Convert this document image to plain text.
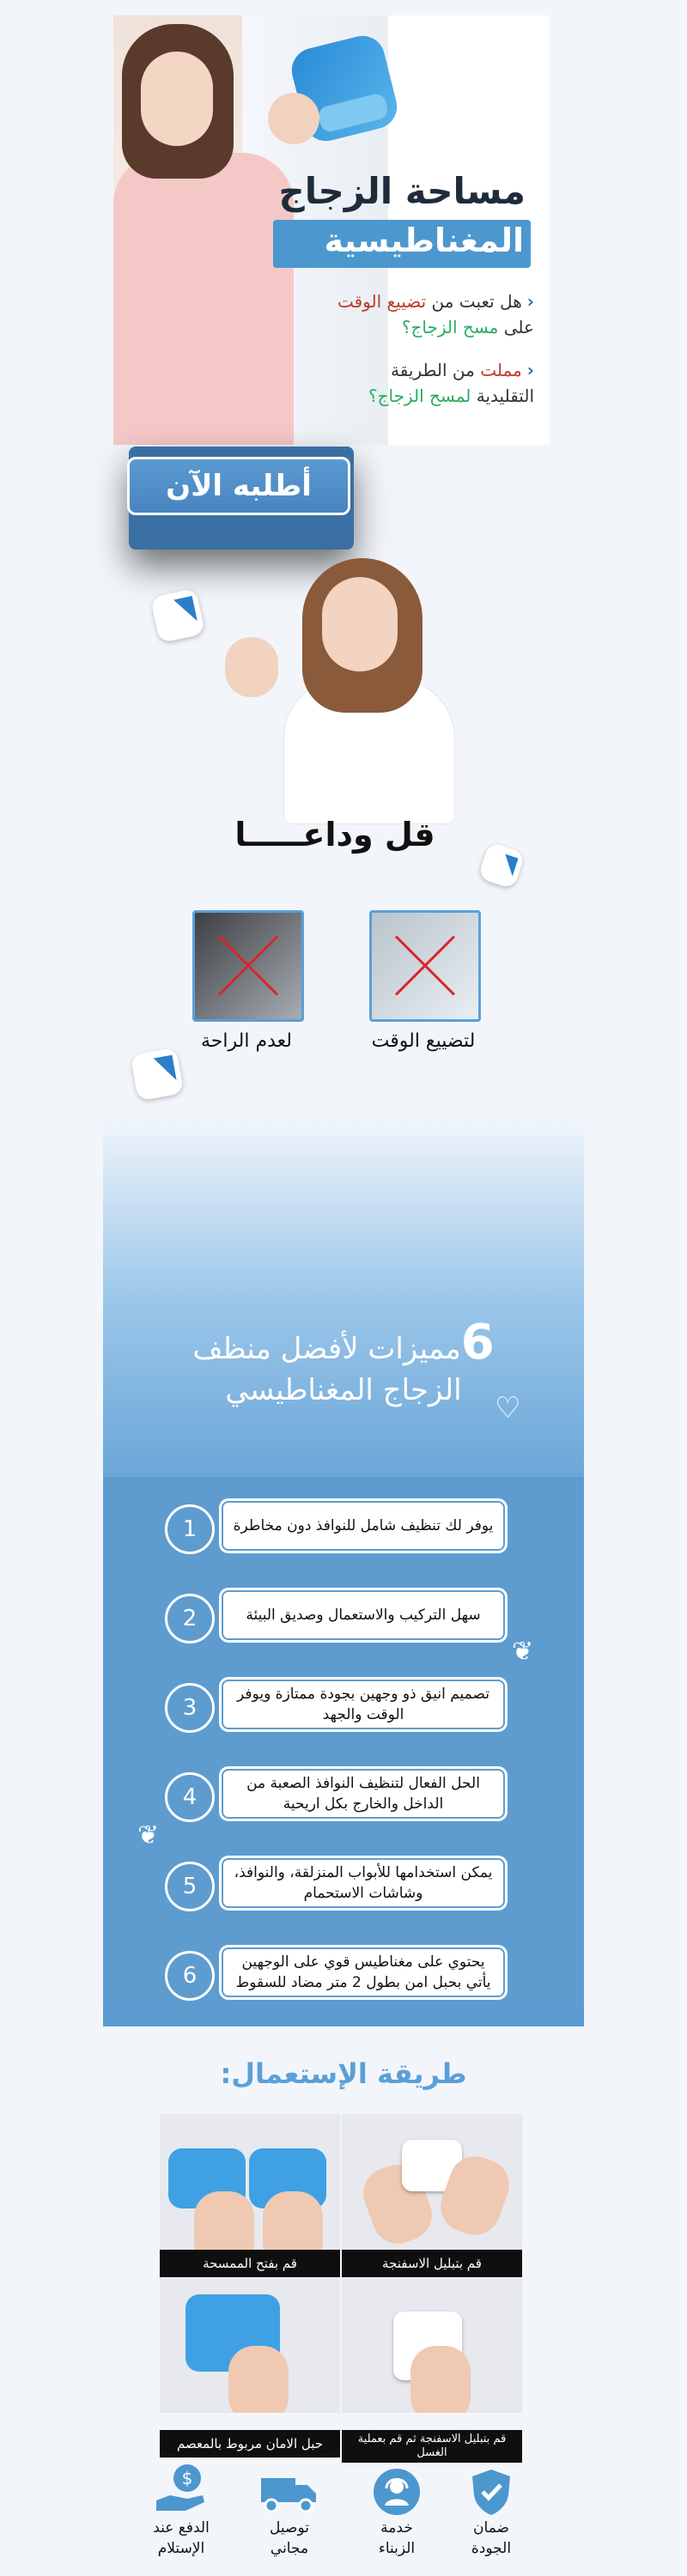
مساحة الزجاج
المغناطيسية
‹هل تعبت من تضييع الوقت
على مسح الزجاج؟
‹مملت من الطريقة
التقليدية لمسح الزجاج؟
أطلبه الآن
قل وداعـــــا
لتضييع الوقت
لعدم الراحة
6مميزات لأفضل منظف
الزجاج المغناطيسي
♡
❦
❦
1	يوفر لك تنظيف شامل للنوافذ دون مخاطرة
2	سهل التركيب والاستعمال وصديق البيئة
3
تصميم انيق ذو وجهين بجودة ممتازة ويوفر الوقت والجهد
4
الحل الفعال لتنظيف النوافذ الصعبة من الداخل والخارج بكل اريحية
5
يمكن استخدامها للأبواب المنزلقة، والنوافذ، وشاشات الاستحمام
6
يحتوي على مغناطيس قوي على الوجهين يأتي بحبل امن بطول 2 متر مضاد للسقوط
طريقة الإستعمال:
قم بتبليل الاسفنجة
قم بفتح الممسحة
قم بتبليل الاسفنجة ثم قم بعملية الغسل
حبل الامان مربوط بالمعصم
ضمان
الجودة
خدمة
الزبناء
توصيل
مجاني
$
الدفع عند
الإستلام
